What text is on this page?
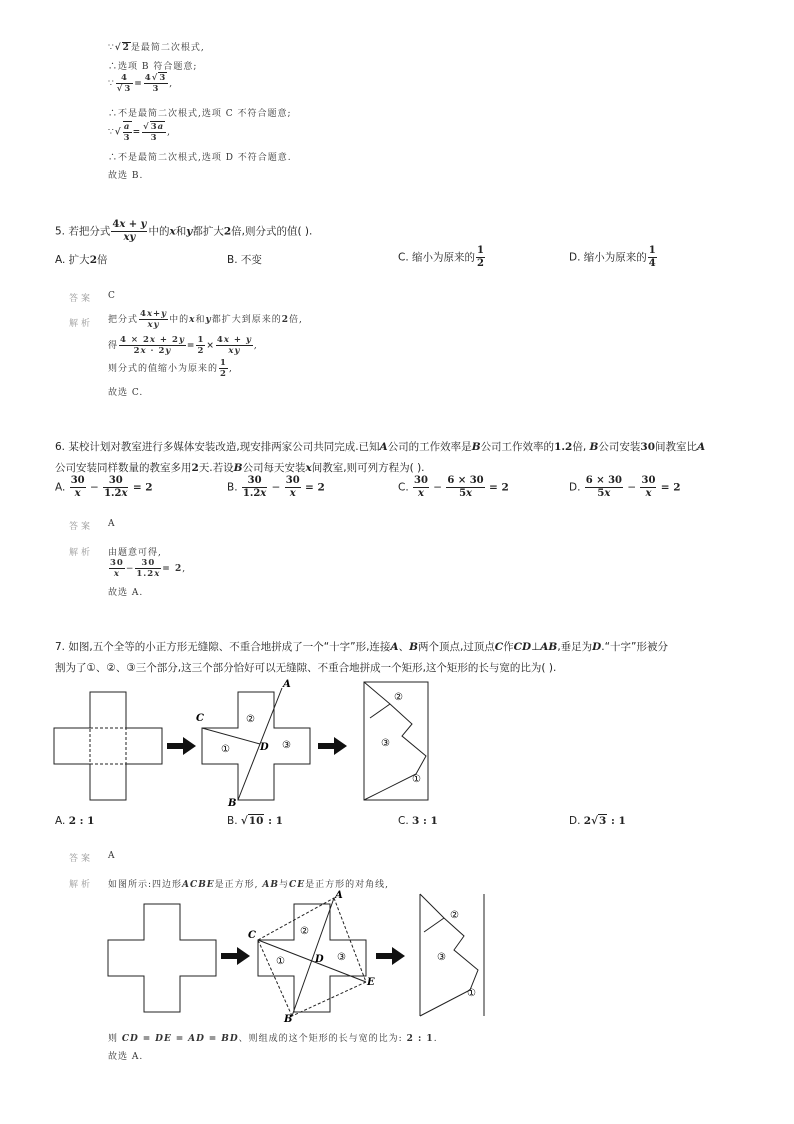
∵√2是最简二次根式,
∴选项 B 符合题意;
∵ $\frac{4}{√3} = \frac{4√3}{3}$ ,
∴不是最简二次根式,选项 C 不符合题意;
∵√ $\frac{a}{3} = \frac{√3a}{3}$ ,
∴不是最简二次根式,选项 D 不符合题意.
故选 B.
5. 若把分式 $\frac{4x + y}{xy}$ 中的x和y都扩大2倍,则分式的值( ).
A. 扩大2倍	B. 不变	C. 缩小为原来的 $\frac{1}{2}$	D. 缩小为原来的 $\frac{1}{4}$
答案 C
解析 把分式 $\frac{4x+y}{xy}$ 中的x和y都扩大到原来的2倍,
得 $\frac{4 \times 2x + 2y}{2x \cdot 2y} = \frac{1}{2} \times \frac{4x + y}{xy}$ ,
则分式的值缩小为原来的 $\frac{1}{2}$ ,
故选 C.
6. 某校计划对教室进行多媒体安装改造,现安排两家公司共同完成.已知A公司的工作效率是B公司工作效率的1.2倍, B公司安装30间教室比A
公司安装同样数量的教室多用2天.若设B公司每天安装x间教室,则可列方程为( ).
A. $\frac{30}{x} - \frac{30}{1.2x} = 2$	B. $\frac{30}{1.2x} - \frac{30}{x} = 2$	C. $\frac{30}{x} - \frac{6 \times 30}{5x} = 2$	D. $\frac{6 \times 30}{5x} - \frac{30}{x} = 2$
答案 A
解析 由题意可得,
$\frac{30}{x} - \frac{30}{1.2x} = 2$,
故选 A.
7. 如图,五个全等的小正方形无缝隙、不重合地拼成了一个“十字”形,连接A、B两个顶点,过顶点C作CD⊥AB,垂足为D.“十字”形被分
割为了①、②、③三个部分,这三个部分恰好可以无缝隙、不重合地拼成一个矩形,这个矩形的长与宽的比为( ).
A
C
D
B
②
①	③
②
③
①
A. 2 : 1	B. √10 : 1	C. 3 : 1	D. 2√3 : 1
答案 A
解析 如图所示:四边形ACBE是正方形, AB与CE是正方形的对角线,
A
C
D
E
B
②
①	③
②
③
①
则 CD = DE = AD = BD、则组成的这个矩形的长与宽的比为: 2 : 1.
故选 A.
